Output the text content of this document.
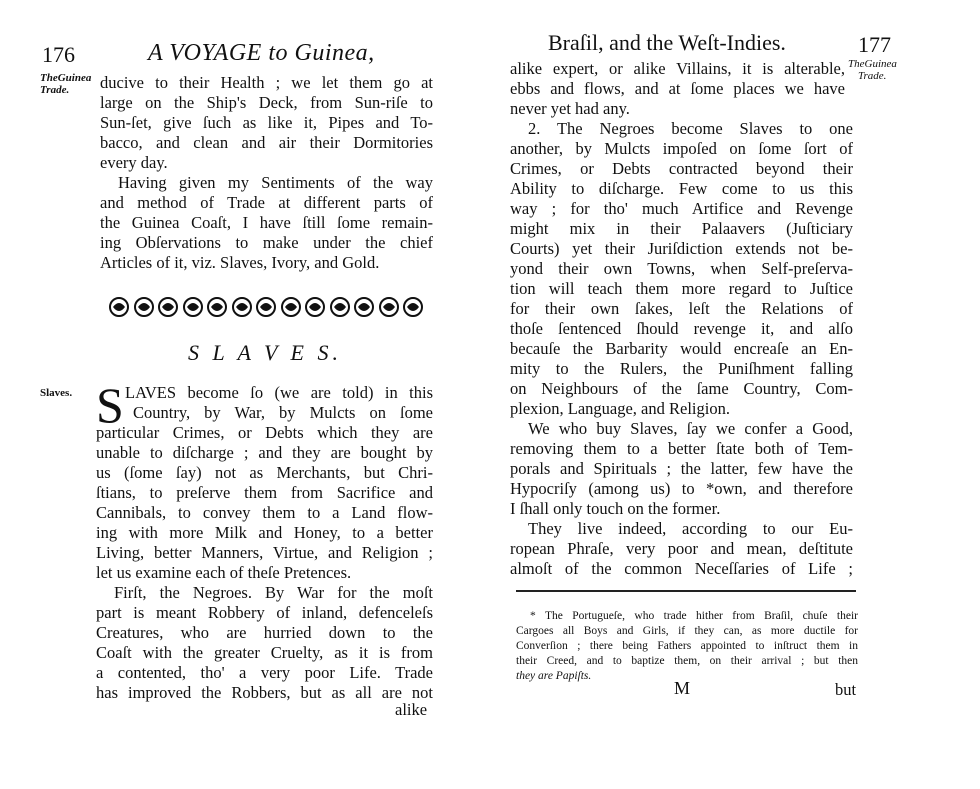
176	A VOYAGE to Guinea,
TheGuinea
Trade.	ducive to their Health ; we let them go at
large on the Ship's Deck, from Sun-riſe to
Sun-ſet, give ſuch as like it, Pipes and To-
bacco, and clean and air their Dormitories
every day.
Having given my Sentiments of the way
and method of Trade at different parts of
the Guinea Coaſt, I have ſtill ſome remain-
ing Obſervations to make under the chief
Articles of it, viz. Slaves, Ivory, and Gold.
S L A V E S.
Slaves. S LAVES become ſo (we are told) in this
Country, by War, by Mulcts on ſome
particular Crimes, or Debts which they are
unable to diſcharge ; and they are bought by
us (ſome ſay) not as Merchants, but Chri-
ſtians, to preſerve them from Sacrifice and
Cannibals, to convey them to a Land flow-
ing with more Milk and Honey, to a better
Living, better Manners, Virtue, and Religion ;
let us examine each of theſe Pretences.
Firſt, the Negroes. By War for the moſt
part is meant Robbery of inland, defenceleſs
Creatures, who are hurried down to the
Coaſt with the greater Cruelty, as it is from
a contented, tho' a very poor Life. Trade
has improved the Robbers, but as all are not
alike
Braſil, and the Weſt-Indies.	177
TheGuinea
Trade.
alike expert, or alike Villains, it is alterable,
ebbs and flows, and at ſome places we have
never yet had any.
2. The Negroes become Slaves to one
another, by Mulcts impoſed on ſome ſort of
Crimes, or Debts contracted beyond their
Ability to diſcharge. Few come to us this
way ; for tho' much Artifice and Revenge
might mix in their Palaavers (Juſticiary
Courts) yet their Juriſdiction extends not be-
yond their own Towns, when Self-preſerva-
tion will teach them more regard to Juſtice
for their own ſakes, leſt the Relations of
thoſe ſentenced ſhould revenge it, and alſo
becauſe the Barbarity would encreaſe an En-
mity to the Rulers, the Puniſhment falling
on Neighbours of the ſame Country, Com-
plexion, Language, and Religion.
We who buy Slaves, ſay we confer a Good,
removing them to a better ſtate both of Tem-
porals and Spirituals ; the latter, few have the
Hypocriſy (among us) to *own, and therefore
I ſhall only touch on the former.
They live indeed, according to our Eu-
ropean Phraſe, very poor and mean, deſtitute
almoſt of the common Neceſſaries of Life ;
* The Portugueſe, who trade hither from Braſil, chuſe their
Cargoes all Boys and Girls, if they can, as more ductile for
Converſion ; there being Fathers appointed to inſtruct them in
their Creed, and to baptize them, on their arrival ; but then
they are Papiſts.
M	but
